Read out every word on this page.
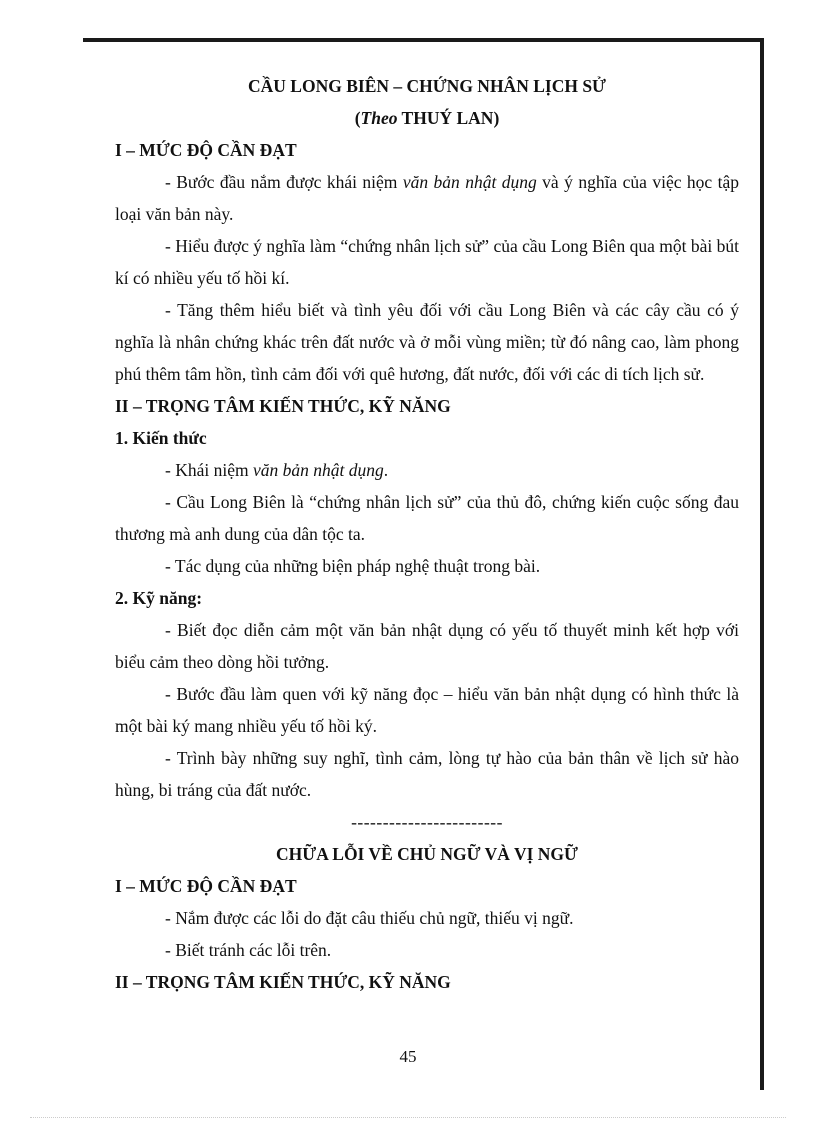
CẦU LONG BIÊN – CHỨNG NHÂN LỊCH SỬ

(Theo THUÝ LAN)

I – MỨC ĐỘ CẦN ĐẠT

- Bước đầu nắm được khái niệm văn bản nhật dụng và ý nghĩa của việc học tập loại văn bản này.

- Hiểu được ý nghĩa làm “chứng nhân lịch sử” của cầu Long Biên qua một bài bút kí có nhiều yếu tố hồi kí.

- Tăng thêm hiểu biết và tình yêu đối với cầu Long Biên và các cây cầu có ý nghĩa là nhân chứng khác trên đất nước và ở mỗi vùng miền; từ đó nâng cao, làm phong phú thêm tâm hồn, tình cảm đối với quê hương, đất nước, đối với các di tích lịch sử.

II – TRỌNG TÂM KIẾN THỨC, KỸ NĂNG

1. Kiến thức

- Khái niệm văn bản nhật dụng.

- Cầu Long Biên là “chứng nhân lịch sử” của thủ đô, chứng kiến cuộc sống đau thương mà anh dung của dân tộc ta.

- Tác dụng của những biện pháp nghệ thuật trong bài.

2. Kỹ năng:

- Biết đọc diễn cảm một văn bản nhật dụng có yếu tố thuyết minh kết hợp với biểu cảm theo dòng hồi tưởng.

- Bước đầu làm quen với kỹ năng đọc – hiểu văn bản nhật dụng có hình thức là một bài ký mang nhiều yếu tố hồi ký.

- Trình bày những suy nghĩ, tình cảm, lòng tự hào của bản thân về lịch sử hào hùng, bi tráng của đất nước.

------------------------

CHỮA LỖI VỀ CHỦ NGỮ VÀ VỊ NGỮ

I – MỨC ĐỘ CẦN ĐẠT

- Nắm được các lỗi do đặt câu thiếu chủ ngữ, thiếu vị ngữ.

- Biết tránh các lỗi trên.

II – TRỌNG TÂM KIẾN THỨC, KỸ NĂNG

45
